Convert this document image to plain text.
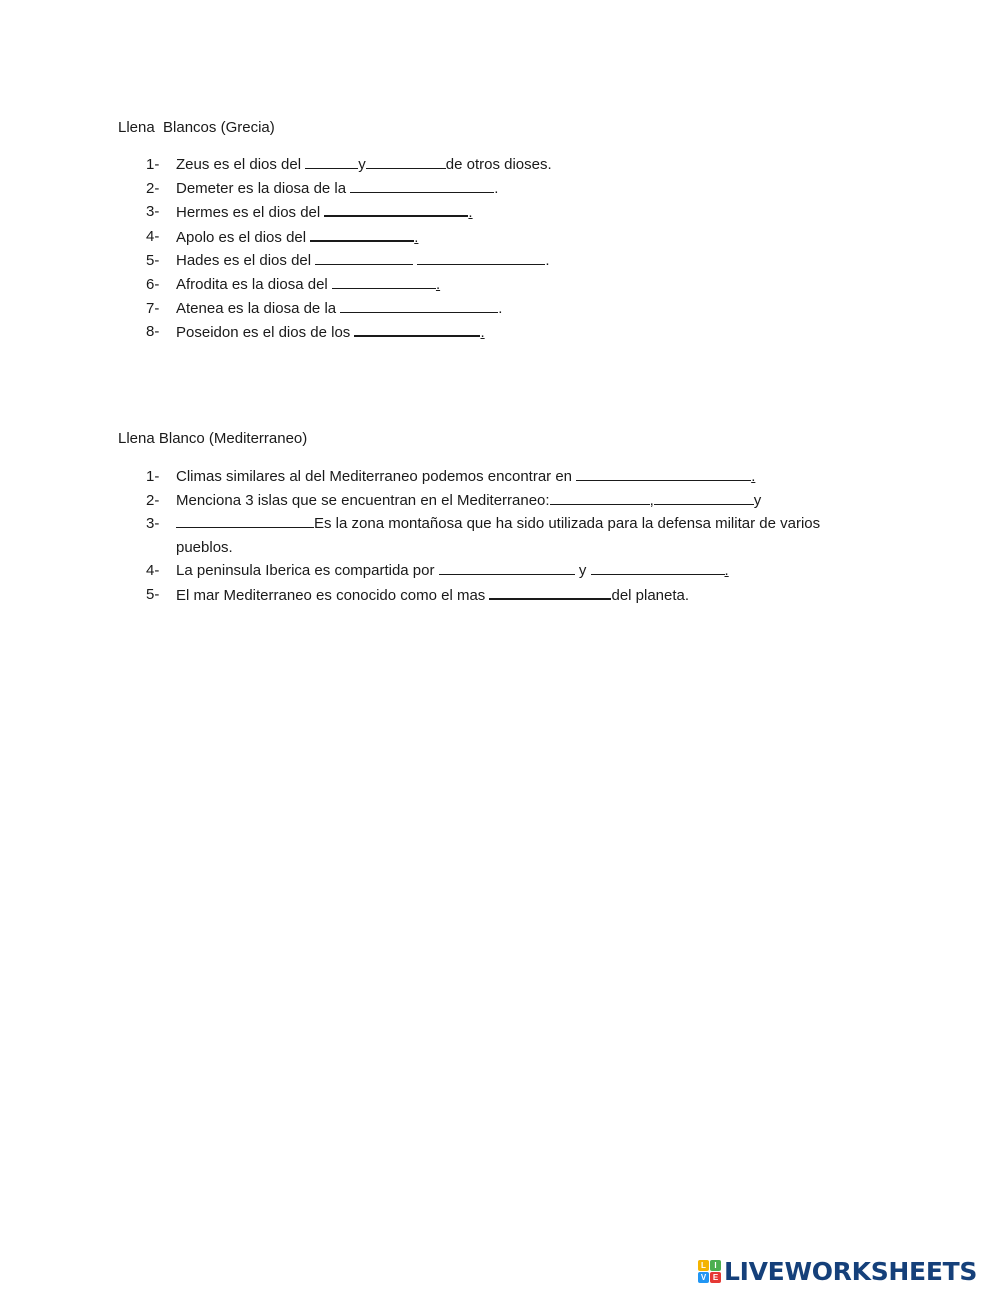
Llena  Blancos (Grecia)
1-	Zeus es el dios del	y	de otros dioses.
2-	Demeter es la diosa de la	.
3-	Hermes es el dios del	.
4-	Apolo es el dios del	.
5-	Hades es el dios del	.
6-	Afrodita es la diosa del	.
7-	Atenea es la diosa de la	.
8-	Poseidon es el dios de los	.
Llena Blanco (Mediterraneo)
1-	Climas similares al del Mediterraneo podemos encontrar en	.
2-	Menciona 3 islas que se encuentran en el Mediterraneo:	,	y
3-	Es la zona montañosa que ha sido utilizada para la defensa militar de varios pueblos.
4-	La peninsula Iberica es compartida por	y	.
5-	El mar Mediterraneo es conocido como el mas	del planeta.
L	I
V E LIVEWORKSHEETS
